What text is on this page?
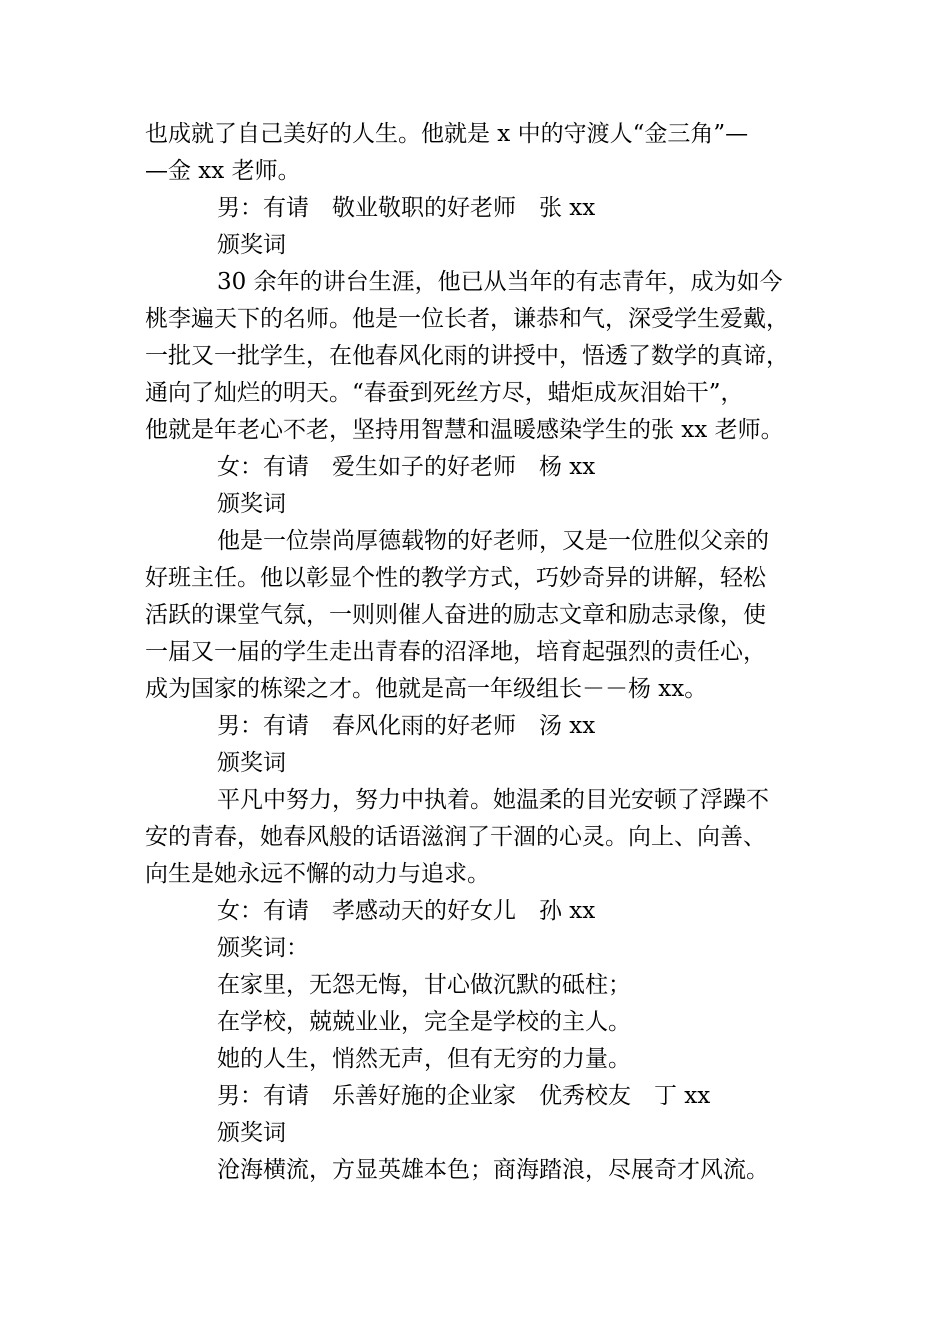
也成就了自己美好的人生。他就是 x 中的守渡人“金三角”—
—金 xx 老师。
男：有请　敬业敬职的好老师　张 xx
颁奖词
30 余年的讲台生涯，他已从当年的有志青年，成为如今
桃李遍天下的名师。他是一位长者，谦恭和气，深受学生爱戴，
一批又一批学生，在他春风化雨的讲授中，悟透了数学的真谛，
通向了灿烂的明天。“春蚕到死丝方尽，蜡炬成灰泪始干”，
他就是年老心不老，坚持用智慧和温暖感染学生的张 xx 老师。
女：有请　爱生如子的好老师　杨 xx
颁奖词
他是一位崇尚厚德载物的好老师，又是一位胜似父亲的
好班主任。他以彰显个性的教学方式，巧妙奇异的讲解，轻松
活跃的课堂气氛，一则则催人奋进的励志文章和励志录像，使
一届又一届的学生走出青春的沼泽地，培育起强烈的责任心，
成为国家的栋梁之才。他就是高一年级组长－－杨 xx。
男：有请　春风化雨的好老师　汤 xx
颁奖词
平凡中努力，努力中执着。她温柔的目光安顿了浮躁不
安的青春，她春风般的话语滋润了干涸的心灵。向上、向善、
向生是她永远不懈的动力与追求。
女：有请　孝感动天的好女儿　孙 xx
颁奖词：
在家里，无怨无悔，甘心做沉默的砥柱；
在学校，兢兢业业，完全是学校的主人。
她的人生，悄然无声，但有无穷的力量。
男：有请　乐善好施的企业家　优秀校友　丁 xx
颁奖词
沧海横流，方显英雄本色；商海踏浪，尽展奇才风流。
